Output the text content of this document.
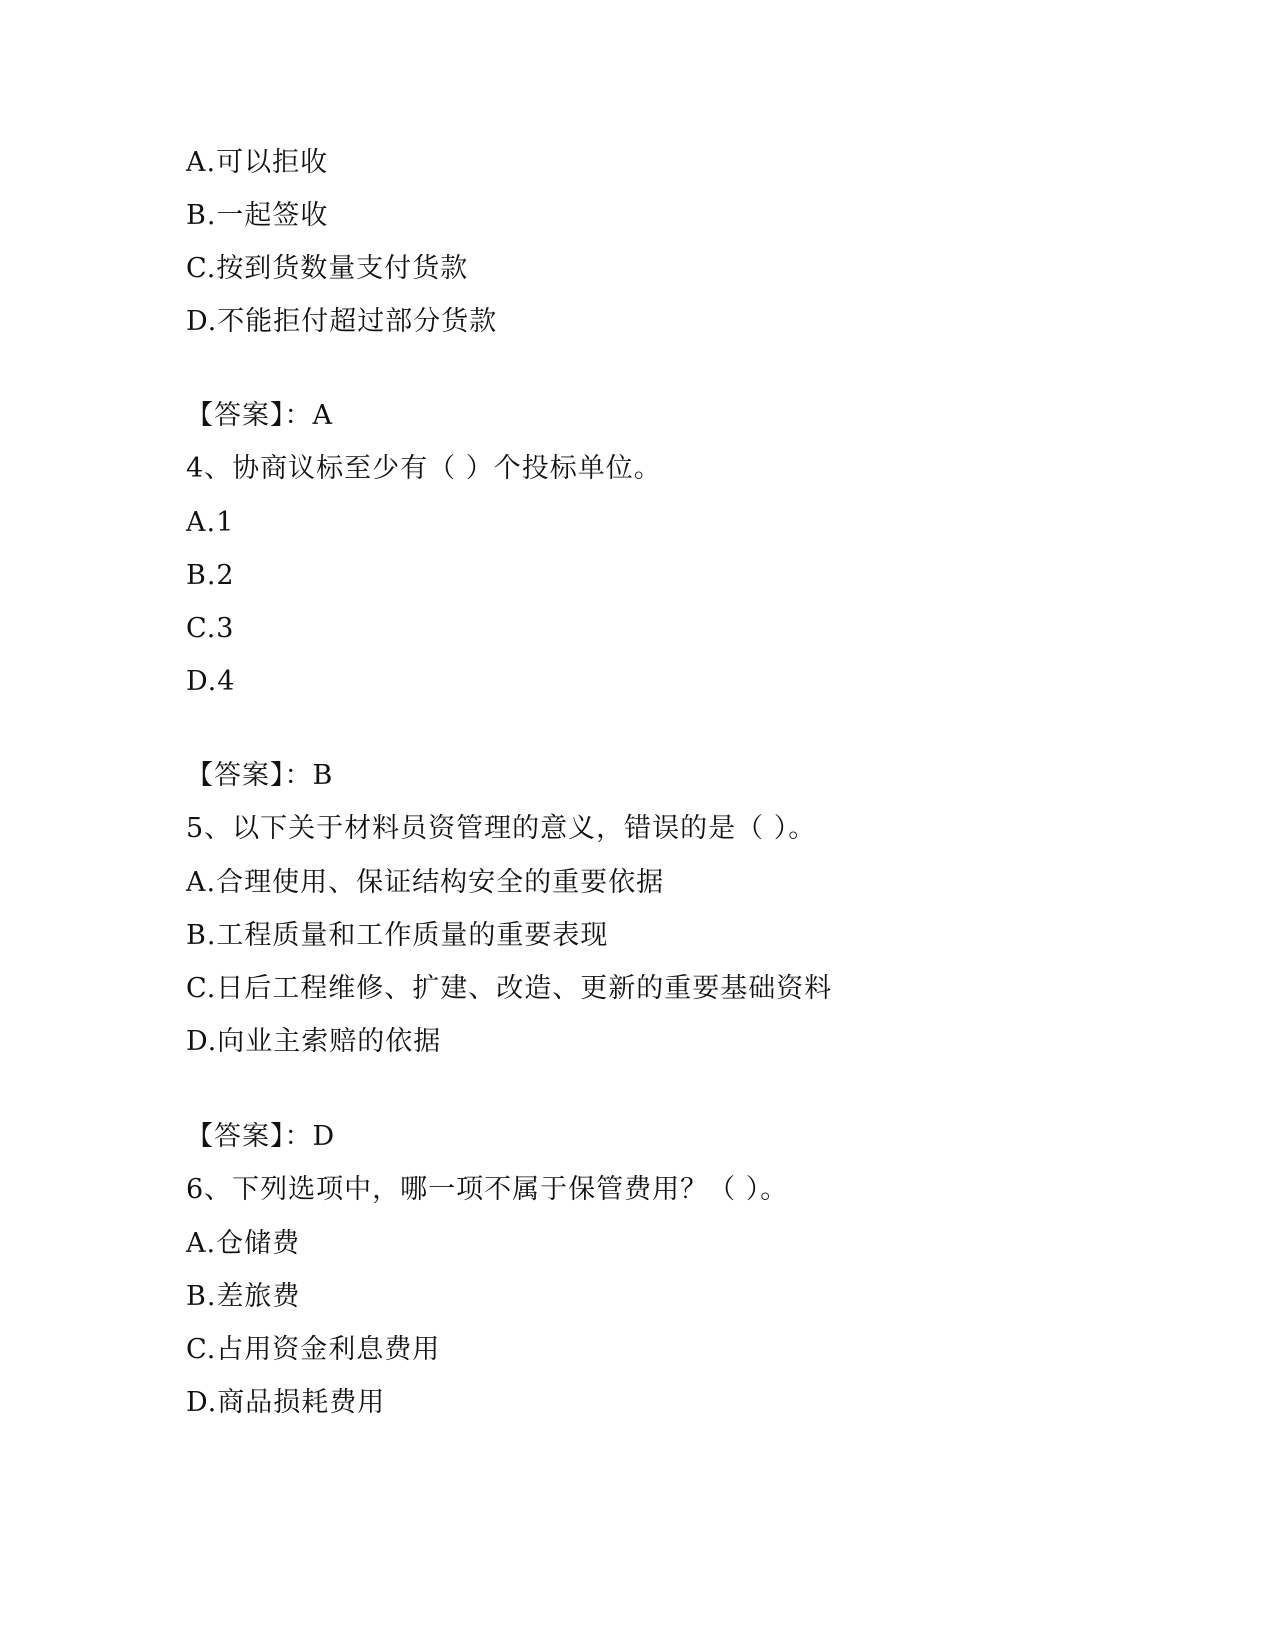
A.可以拒收
B.一起签收
C.按到货数量支付货款
D.不能拒付超过部分货款
【答案】：A
4、协商议标至少有（ ）个投标单位。
A.1
B.2
C.3
D.4
【答案】：B
5、以下关于材料员资管理的意义，错误的是（ ）。
A.合理使用、保证结构安全的重要依据
B.工程质量和工作质量的重要表现
C.日后工程维修、扩建、改造、更新的重要基础资料
D.向业主索赔的依据
【答案】：D
6、下列选项中，哪一项不属于保管费用？（ ）。
A.仓储费
B.差旅费
C.占用资金利息费用
D.商品损耗费用
